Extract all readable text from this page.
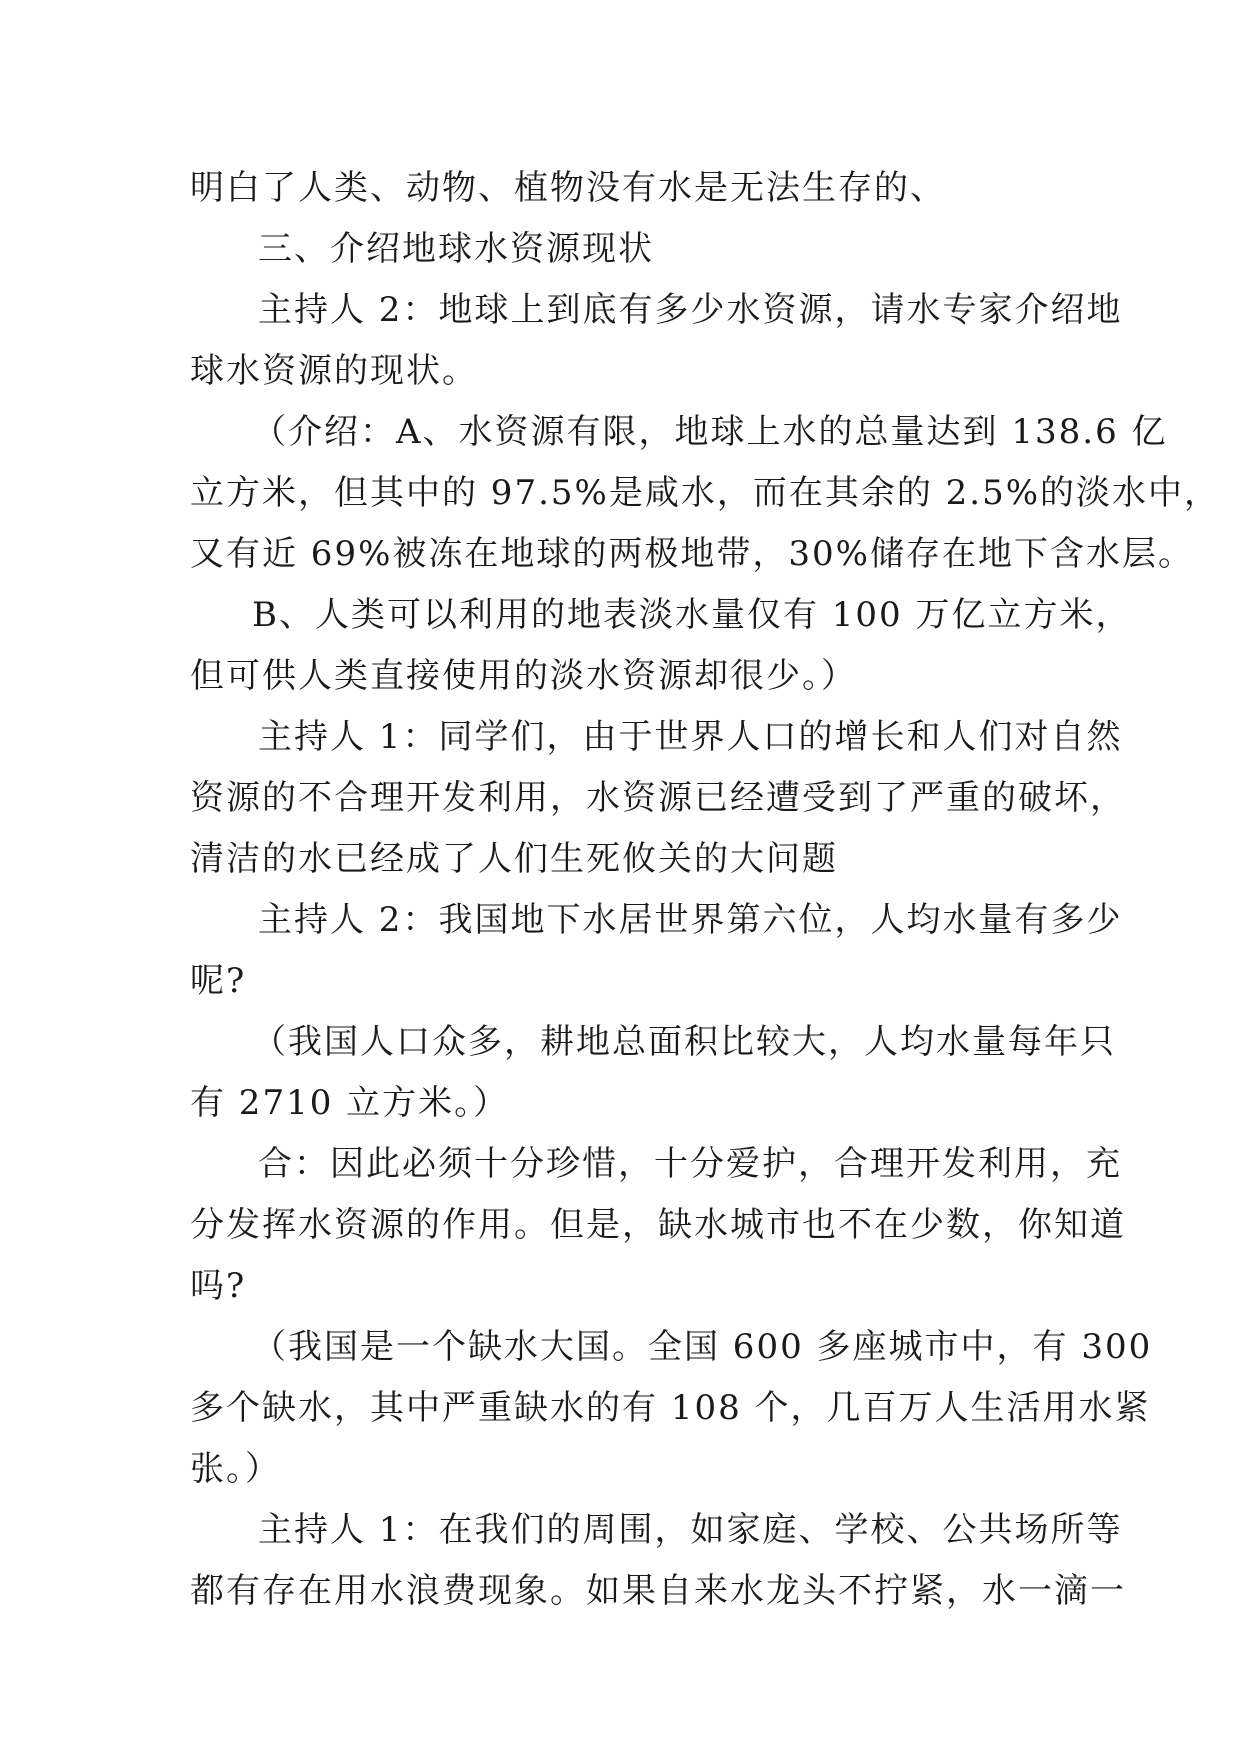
明白了人类、动物、植物没有水是无法生存的、
三、介绍地球水资源现状
主持人 2：地球上到底有多少水资源，请水专家介绍地
球水资源的现状。
（介绍：A、水资源有限，地球上水的总量达到 138.6 亿
立方米，但其中的 97.5%是咸水，而在其余的 2.5%的淡水中，
又有近 69%被冻在地球的两极地带，30%储存在地下含水层。
B、人类可以利用的地表淡水量仅有 100 万亿立方米，
但可供人类直接使用的淡水资源却很少。）
主持人 1：同学们，由于世界人口的增长和人们对自然
资源的不合理开发利用，水资源已经遭受到了严重的破坏，
清洁的水已经成了人们生死攸关的大问题
主持人 2：我国地下水居世界第六位，人均水量有多少
呢?
（我国人口众多，耕地总面积比较大，人均水量每年只
有 2710 立方米。）
合：因此必须十分珍惜，十分爱护，合理开发利用，充
分发挥水资源的作用。但是，缺水城市也不在少数，你知道
吗?
（我国是一个缺水大国。全国 600 多座城市中，有 300
多个缺水，其中严重缺水的有 108 个，几百万人生活用水紧
张。）
主持人 1：在我们的周围，如家庭、学校、公共场所等
都有存在用水浪费现象。如果自来水龙头不拧紧，水一滴一
